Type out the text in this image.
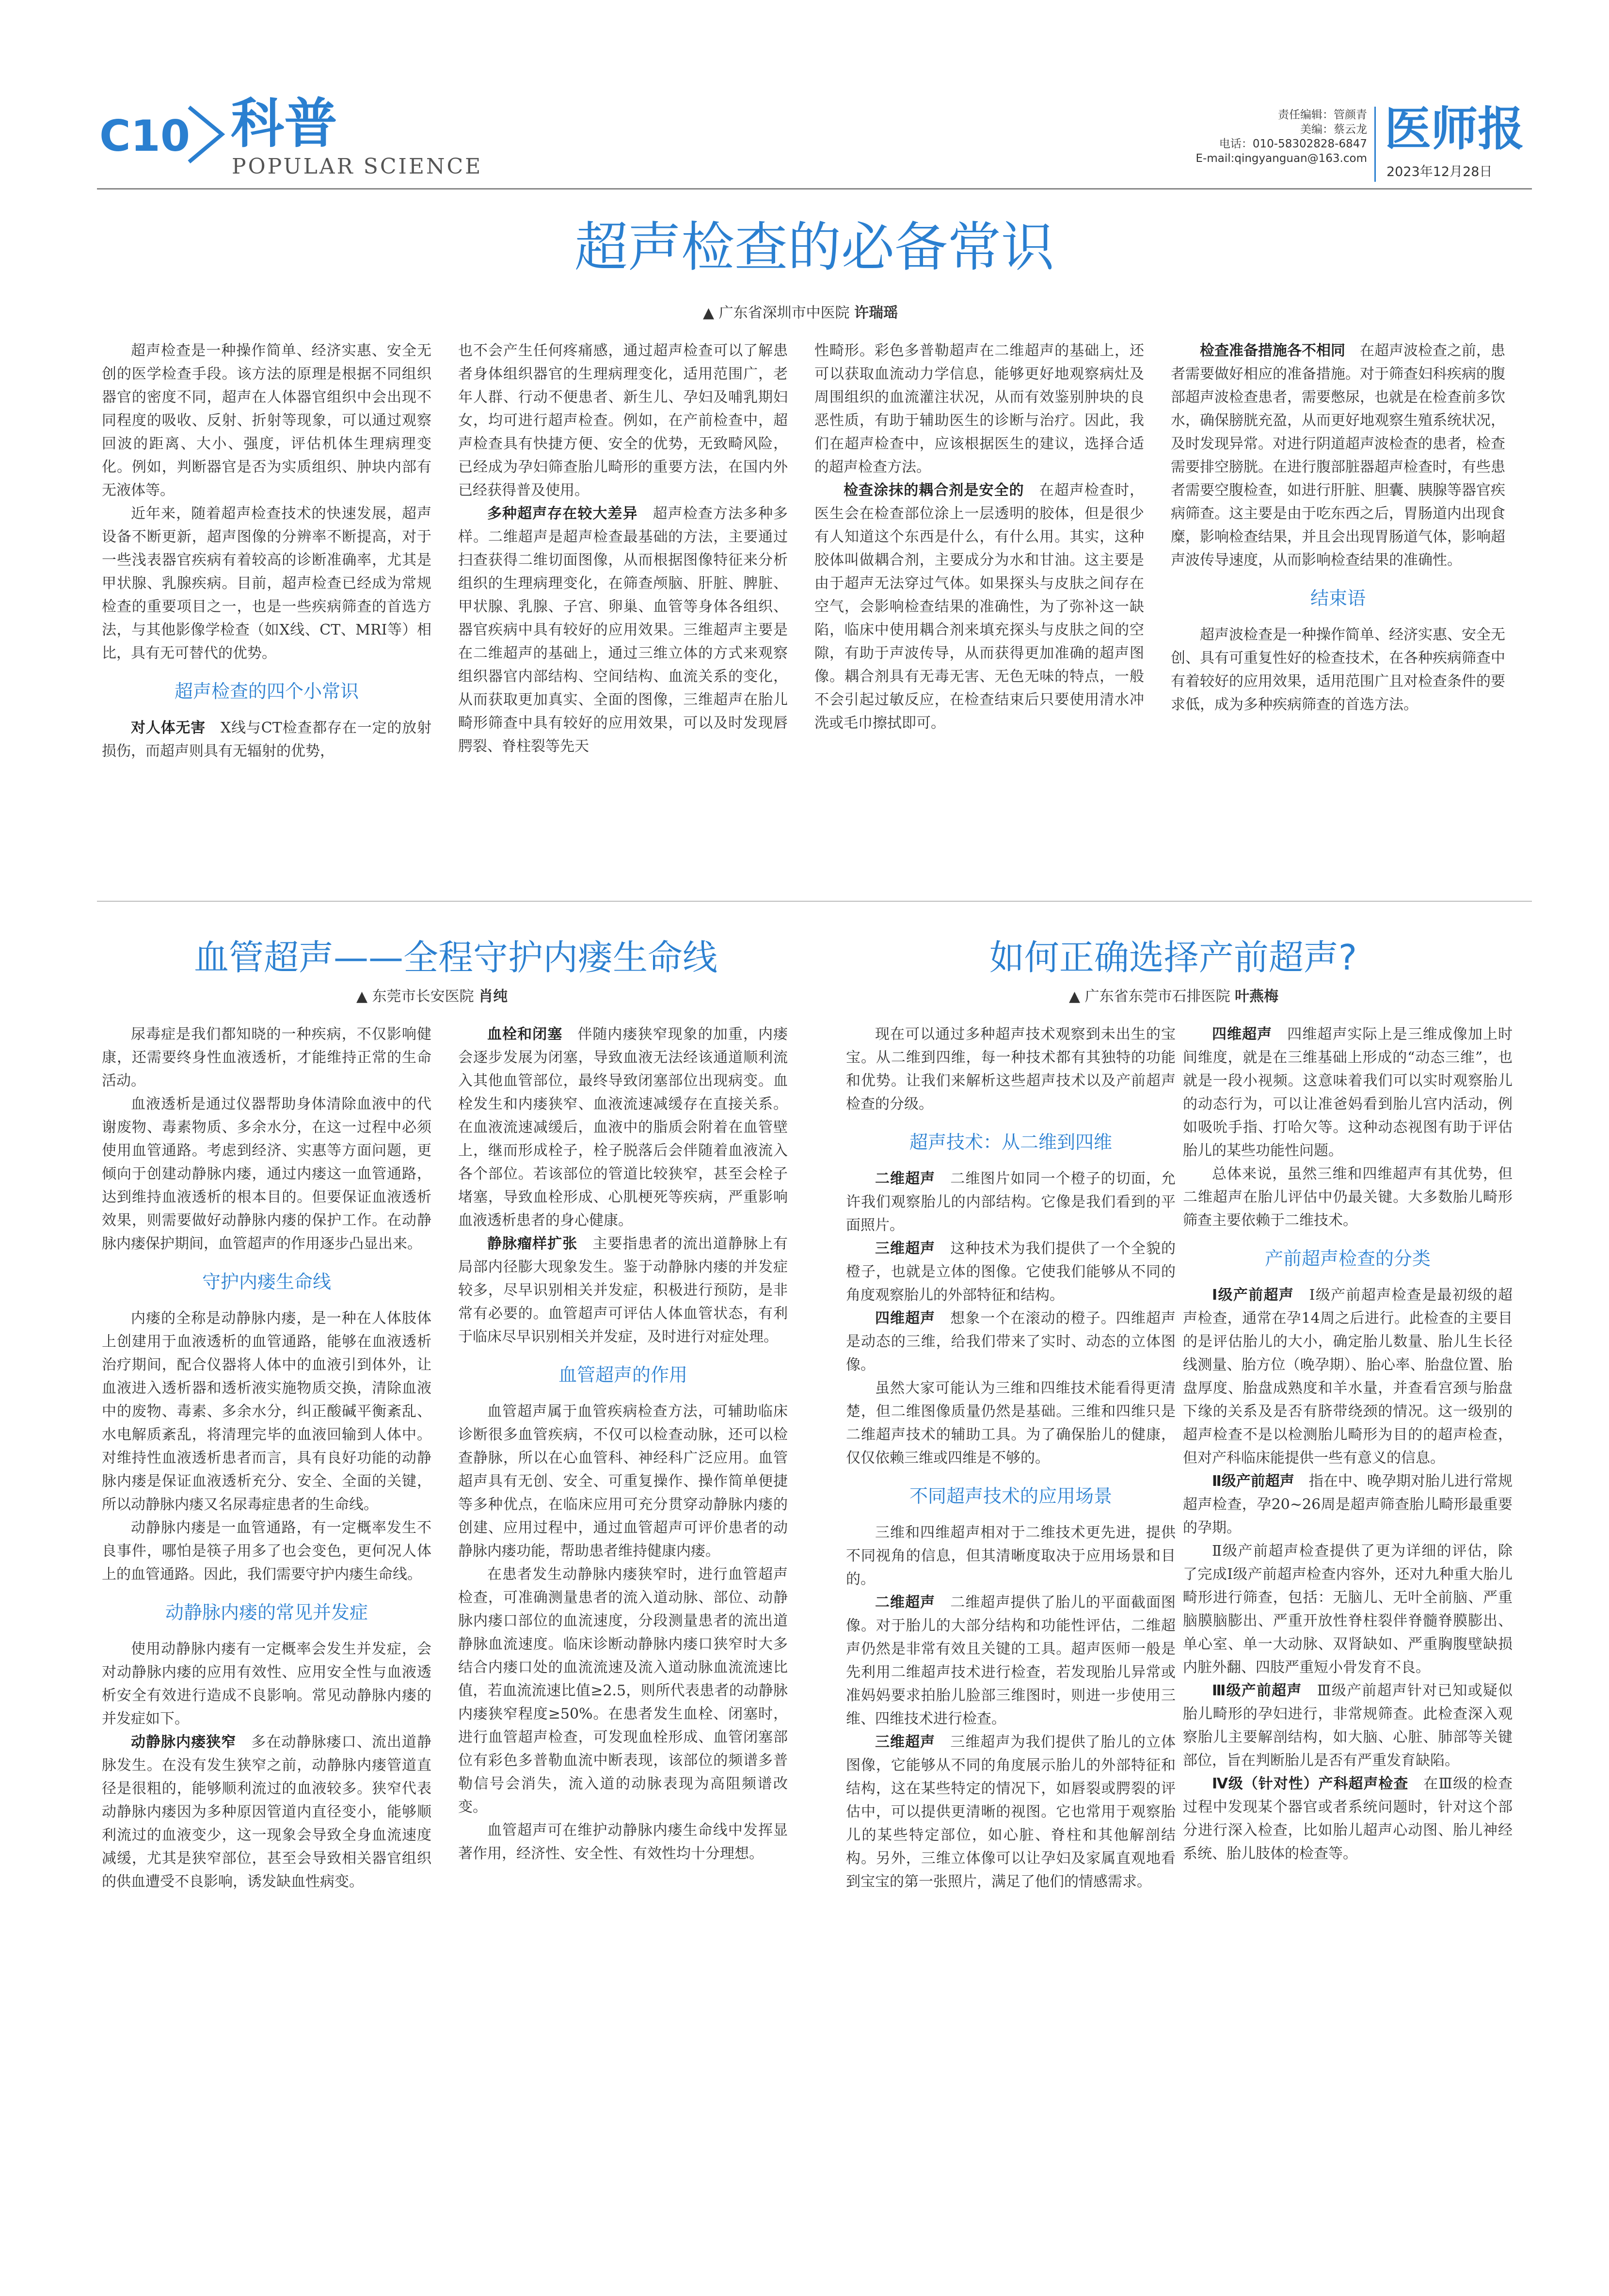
C10 科普
POPULAR SCIENCE
责任编辑：管颜青
美编：蔡云龙
电话：010-58302828-6847
E-mail:qingyanguan@163.com
医师报
2023年12月28日
超声检查的必备常识
▲ 广东省深圳市中医院 许瑞瑶

超声检查是一种操作简单、经济实惠、安全无创的医学检查手段。该方法的原理是根据不同组织器官的密度不同，超声在人体器官组织中会出现不同程度的吸收、反射、折射等现象，可以通过观察回波的距离、大小、强度，评估机体生理病理变化。例如，判断器官是否为实质组织、肿块内部有无液体等。

近年来，随着超声检查技术的快速发展，超声设备不断更新，超声图像的分辨率不断提高，对于一些浅表器官疾病有着较高的诊断准确率，尤其是甲状腺、乳腺疾病。目前，超声检查已经成为常规检查的重要项目之一，也是一些疾病筛查的首选方法，与其他影像学检查（如X线、CT、MRI等）相比，具有无可替代的优势。

超声检查的四个小常识

对人体无害　 X线与CT检查都存在一定的放射损伤，而超声则具有无辐射的优势，

也不会产生任何疼痛感，通过超声检查可以了解患者身体组织器官的生理病理变化，适用范围广，老年人群、行动不便患者、新生儿、孕妇及哺乳期妇女，均可进行超声检查。例如，在产前检查中，超声检查具有快捷方便、安全的优势，无致畸风险，已经成为孕妇筛查胎儿畸形的重要方法，在国内外已经获得普及使用。

多种超声存在较大差异　 超声检查方法多种多样。二维超声是超声检查最基础的方法，主要通过扫查获得二维切面图像，从而根据图像特征来分析组织的生理病理变化，在筛查颅脑、肝脏、脾脏、甲状腺、乳腺、子宫、卵巢、血管等身体各组织、器官疾病中具有较好的应用效果。三维超声主要是在二维超声的基础上，通过三维立体的方式来观察组织器官内部结构、空间结构、血流关系的变化，从而获取更加真实、全面的图像，三维超声在胎儿畸形筛查中具有较好的应用效果，可以及时发现唇腭裂、脊柱裂等先天

性畸形。彩色多普勒超声在二维超声的基础上，还可以获取血流动力学信息，能够更好地观察病灶及周围组织的血流灌注状况，从而有效鉴别肿块的良恶性质，有助于辅助医生的诊断与治疗。因此，我们在超声检查中，应该根据医生的建议，选择合适的超声检查方法。

检查涂抹的耦合剂是安全的　 在超声检查时，医生会在检查部位涂上一层透明的胶体，但是很少有人知道这个东西是什么，有什么用。其实，这种胶体叫做耦合剂，主要成分为水和甘油。这主要是由于超声无法穿过气体。如果探头与皮肤之间存在空气，会影响检查结果的准确性，为了弥补这一缺陷，临床中使用耦合剂来填充探头与皮肤之间的空隙，有助于声波传导，从而获得更加准确的超声图像。耦合剂具有无毒无害、无色无味的特点，一般不会引起过敏反应，在检查结束后只要使用清水冲洗或毛巾擦拭即可。

检查准备措施各不相同　 在超声波检查之前，患者需要做好相应的准备措施。对于筛查妇科疾病的腹部超声波检查患者，需要憋尿，也就是在检查前多饮水，确保膀胱充盈，从而更好地观察生殖系统状况，及时发现异常。对进行阴道超声波检查的患者，检查需要排空膀胱。在进行腹部脏器超声检查时，有些患者需要空腹检查，如进行肝脏、胆囊、胰腺等器官疾病筛查。这主要是由于吃东西之后，胃肠道内出现食糜，影响检查结果，并且会出现胃肠道气体，影响超声波传导速度，从而影响检查结果的准确性。

结束语

超声波检查是一种操作简单、经济实惠、安全无创、具有可重复性好的检查技术，在各种疾病筛查中有着较好的应用效果，适用范围广且对检查条件的要求低，成为多种疾病筛查的首选方法。

血管超声——全程守护内瘘生命线
▲ 东莞市长安医院 肖纯

尿毒症是我们都知晓的一种疾病，不仅影响健康，还需要终身性血液透析，才能维持正常的生命活动。

血液透析是通过仪器帮助身体清除血液中的代谢废物、毒素物质、多余水分，在这一过程中必须使用血管通路。考虑到经济、实惠等方面问题，更倾向于创建动静脉内瘘，通过内瘘这一血管通路，达到维持血液透析的根本目的。但要保证血液透析效果，则需要做好动静脉内瘘的保护工作。在动静脉内瘘保护期间，血管超声的作用逐步凸显出来。

守护内瘘生命线

内瘘的全称是动静脉内瘘，是一种在人体肢体上创建用于血液透析的血管通路，能够在血液透析治疗期间，配合仪器将人体中的血液引到体外，让血液进入透析器和透析液实施物质交换，清除血液中的废物、毒素、多余水分，纠正酸碱平衡紊乱、水电解质紊乱，将清理完毕的血液回输到人体中。对维持性血液透析患者而言，具有良好功能的动静脉内瘘是保证血液透析充分、安全、全面的关键，所以动静脉内瘘又名尿毒症患者的生命线。

动静脉内瘘是一血管通路，有一定概率发生不良事件，哪怕是筷子用多了也会变色，更何况人体上的血管通路。因此，我们需要守护内瘘生命线。

动静脉内瘘的常见并发症

使用动静脉内瘘有一定概率会发生并发症，会对动静脉内瘘的应用有效性、应用安全性与血液透析安全有效进行造成不良影响。常见动静脉内瘘的并发症如下。

动静脉内瘘狭窄　 多在动静脉瘘口、流出道静脉发生。在没有发生狭窄之前，动静脉内瘘管道直径是很粗的，能够顺利流过的血液较多。狭窄代表动静脉内瘘因为多种原因管道内直径变小，能够顺利流过的血液变少，这一现象会导致全身血流速度减缓，尤其是狭窄部位，甚至会导致相关器官组织的供血遭受不良影响，诱发缺血性病变。

血栓和闭塞　 伴随内瘘狭窄现象的加重，内瘘会逐步发展为闭塞，导致血液无法经该通道顺利流入其他血管部位，最终导致闭塞部位出现病变。血栓发生和内瘘狭窄、血液流速减缓存在直接关系。在血液流速减缓后，血液中的脂质会附着在血管壁上，继而形成栓子，栓子脱落后会伴随着血液流入各个部位。若该部位的管道比较狭窄，甚至会栓子堵塞，导致血栓形成、心肌梗死等疾病，严重影响血液透析患者的身心健康。

静脉瘤样扩张　 主要指患者的流出道静脉上有局部内径膨大现象发生。鉴于动静脉内瘘的并发症较多，尽早识别相关并发症，积极进行预防，是非常有必要的。血管超声可评估人体血管状态，有利于临床尽早识别相关并发症，及时进行对症处理。

血管超声的作用

血管超声属于血管疾病检查方法，可辅助临床诊断很多血管疾病，不仅可以检查动脉，还可以检查静脉，所以在心血管科、神经科广泛应用。血管超声具有无创、安全、可重复操作、操作简单便捷等多种优点，在临床应用可充分贯穿动静脉内瘘的创建、应用过程中，通过血管超声可评价患者的动静脉内瘘功能，帮助患者维持健康内瘘。

在患者发生动静脉内瘘狭窄时，进行血管超声检查，可准确测量患者的流入道动脉、部位、动静脉内瘘口部位的血流速度，分段测量患者的流出道静脉血流速度。临床诊断动静脉内瘘口狭窄时大多结合内瘘口处的血流流速及流入道动脉血流流速比值，若血流流速比值≥2.5，则所代表患者的动静脉内瘘狭窄程度≥50%。在患者发生血栓、闭塞时，进行血管超声检查，可发现血栓形成、血管闭塞部位有彩色多普勒血流中断表现，该部位的频谱多普勒信号会消失，流入道的动脉表现为高阻频谱改变。

血管超声可在维护动静脉内瘘生命线中发挥显著作用，经济性、安全性、有效性均十分理想。

如何正确选择产前超声?
▲ 广东省东莞市石排医院 叶燕梅

现在可以通过多种超声技术观察到未出生的宝宝。从二维到四维，每一种技术都有其独特的功能和优势。让我们来解析这些超声技术以及产前超声检查的分级。

超声技术：从二维到四维

二维超声　 二维图片如同一个橙子的切面，允许我们观察胎儿的内部结构。它像是我们看到的平面照片。

三维超声　 这种技术为我们提供了一个全貌的橙子，也就是立体的图像。它使我们能够从不同的角度观察胎儿的外部特征和结构。

四维超声　 想象一个在滚动的橙子。四维超声是动态的三维，给我们带来了实时、动态的立体图像。

虽然大家可能认为三维和四维技术能看得更清楚，但二维图像质量仍然是基础。三维和四维只是二维超声技术的辅助工具。为了确保胎儿的健康，仅仅依赖三维或四维是不够的。

不同超声技术的应用场景

三维和四维超声相对于二维技术更先进，提供不同视角的信息，但其清晰度取决于应用场景和目的。

二维超声　 二维超声提供了胎儿的平面截面图像。对于胎儿的大部分结构和功能性评估，二维超声仍然是非常有效且关键的工具。超声医师一般是先利用二维超声技术进行检查，若发现胎儿异常或准妈妈要求拍胎儿脸部三维图时，则进一步使用三维、四维技术进行检查。

三维超声　 三维超声为我们提供了胎儿的立体图像，它能够从不同的角度展示胎儿的外部特征和结构，这在某些特定的情况下，如唇裂或腭裂的评估中，可以提供更清晰的视图。它也常用于观察胎儿的某些特定部位，如心脏、脊柱和其他解剖结构。另外，三维立体像可以让孕妇及家属直观地看到宝宝的第一张照片，满足了他们的情感需求。

四维超声　 四维超声实际上是三维成像加上时间维度，就是在三维基础上形成的“动态三维”，也就是一段小视频。这意味着我们可以实时观察胎儿的动态行为，可以让准爸妈看到胎儿宫内活动，例如吸吮手指、打哈欠等。这种动态视图有助于评估胎儿的某些功能性问题。

总体来说，虽然三维和四维超声有其优势，但二维超声在胎儿评估中仍最关键。大多数胎儿畸形筛查主要依赖于二维技术。

产前超声检查的分类

Ⅰ级产前超声　 Ⅰ级产前超声检查是最初级的超声检查，通常在孕14周之后进行。此检查的主要目的是评估胎儿的大小，确定胎儿数量、胎儿生长径线测量、胎方位（晚孕期）、胎心率、胎盘位置、胎盘厚度、胎盘成熟度和羊水量，并查看宫颈与胎盘下缘的关系及是否有脐带绕颈的情况。这一级别的超声检查不是以检测胎儿畸形为目的的超声检查，但对产科临床能提供一些有意义的信息。

Ⅱ级产前超声　 指在中、晚孕期对胎儿进行常规超声检查，孕20~26周是超声筛查胎儿畸形最重要的孕期。

Ⅱ级产前超声检查提供了更为详细的评估，除了完成Ⅰ级产前超声检查内容外，还对九种重大胎儿畸形进行筛查，包括：无脑儿、无叶全前脑、严重脑膜脑膨出、严重开放性脊柱裂伴脊髓脊膜膨出、单心室、单一大动脉、双肾缺如、严重胸腹壁缺损内脏外翻、四肢严重短小骨发育不良。

Ⅲ级产前超声　 Ⅲ级产前超声针对已知或疑似胎儿畸形的孕妇进行，非常规筛查。此检查深入观察胎儿主要解剖结构，如大脑、心脏、肺部等关键部位，旨在判断胎儿是否有严重发育缺陷。

Ⅳ级（针对性）产科超声检查　 在Ⅲ级的检查过程中发现某个器官或者系统问题时，针对这个部分进行深入检查，比如胎儿超声心动图、胎儿神经系统、胎儿肢体的检查等。
